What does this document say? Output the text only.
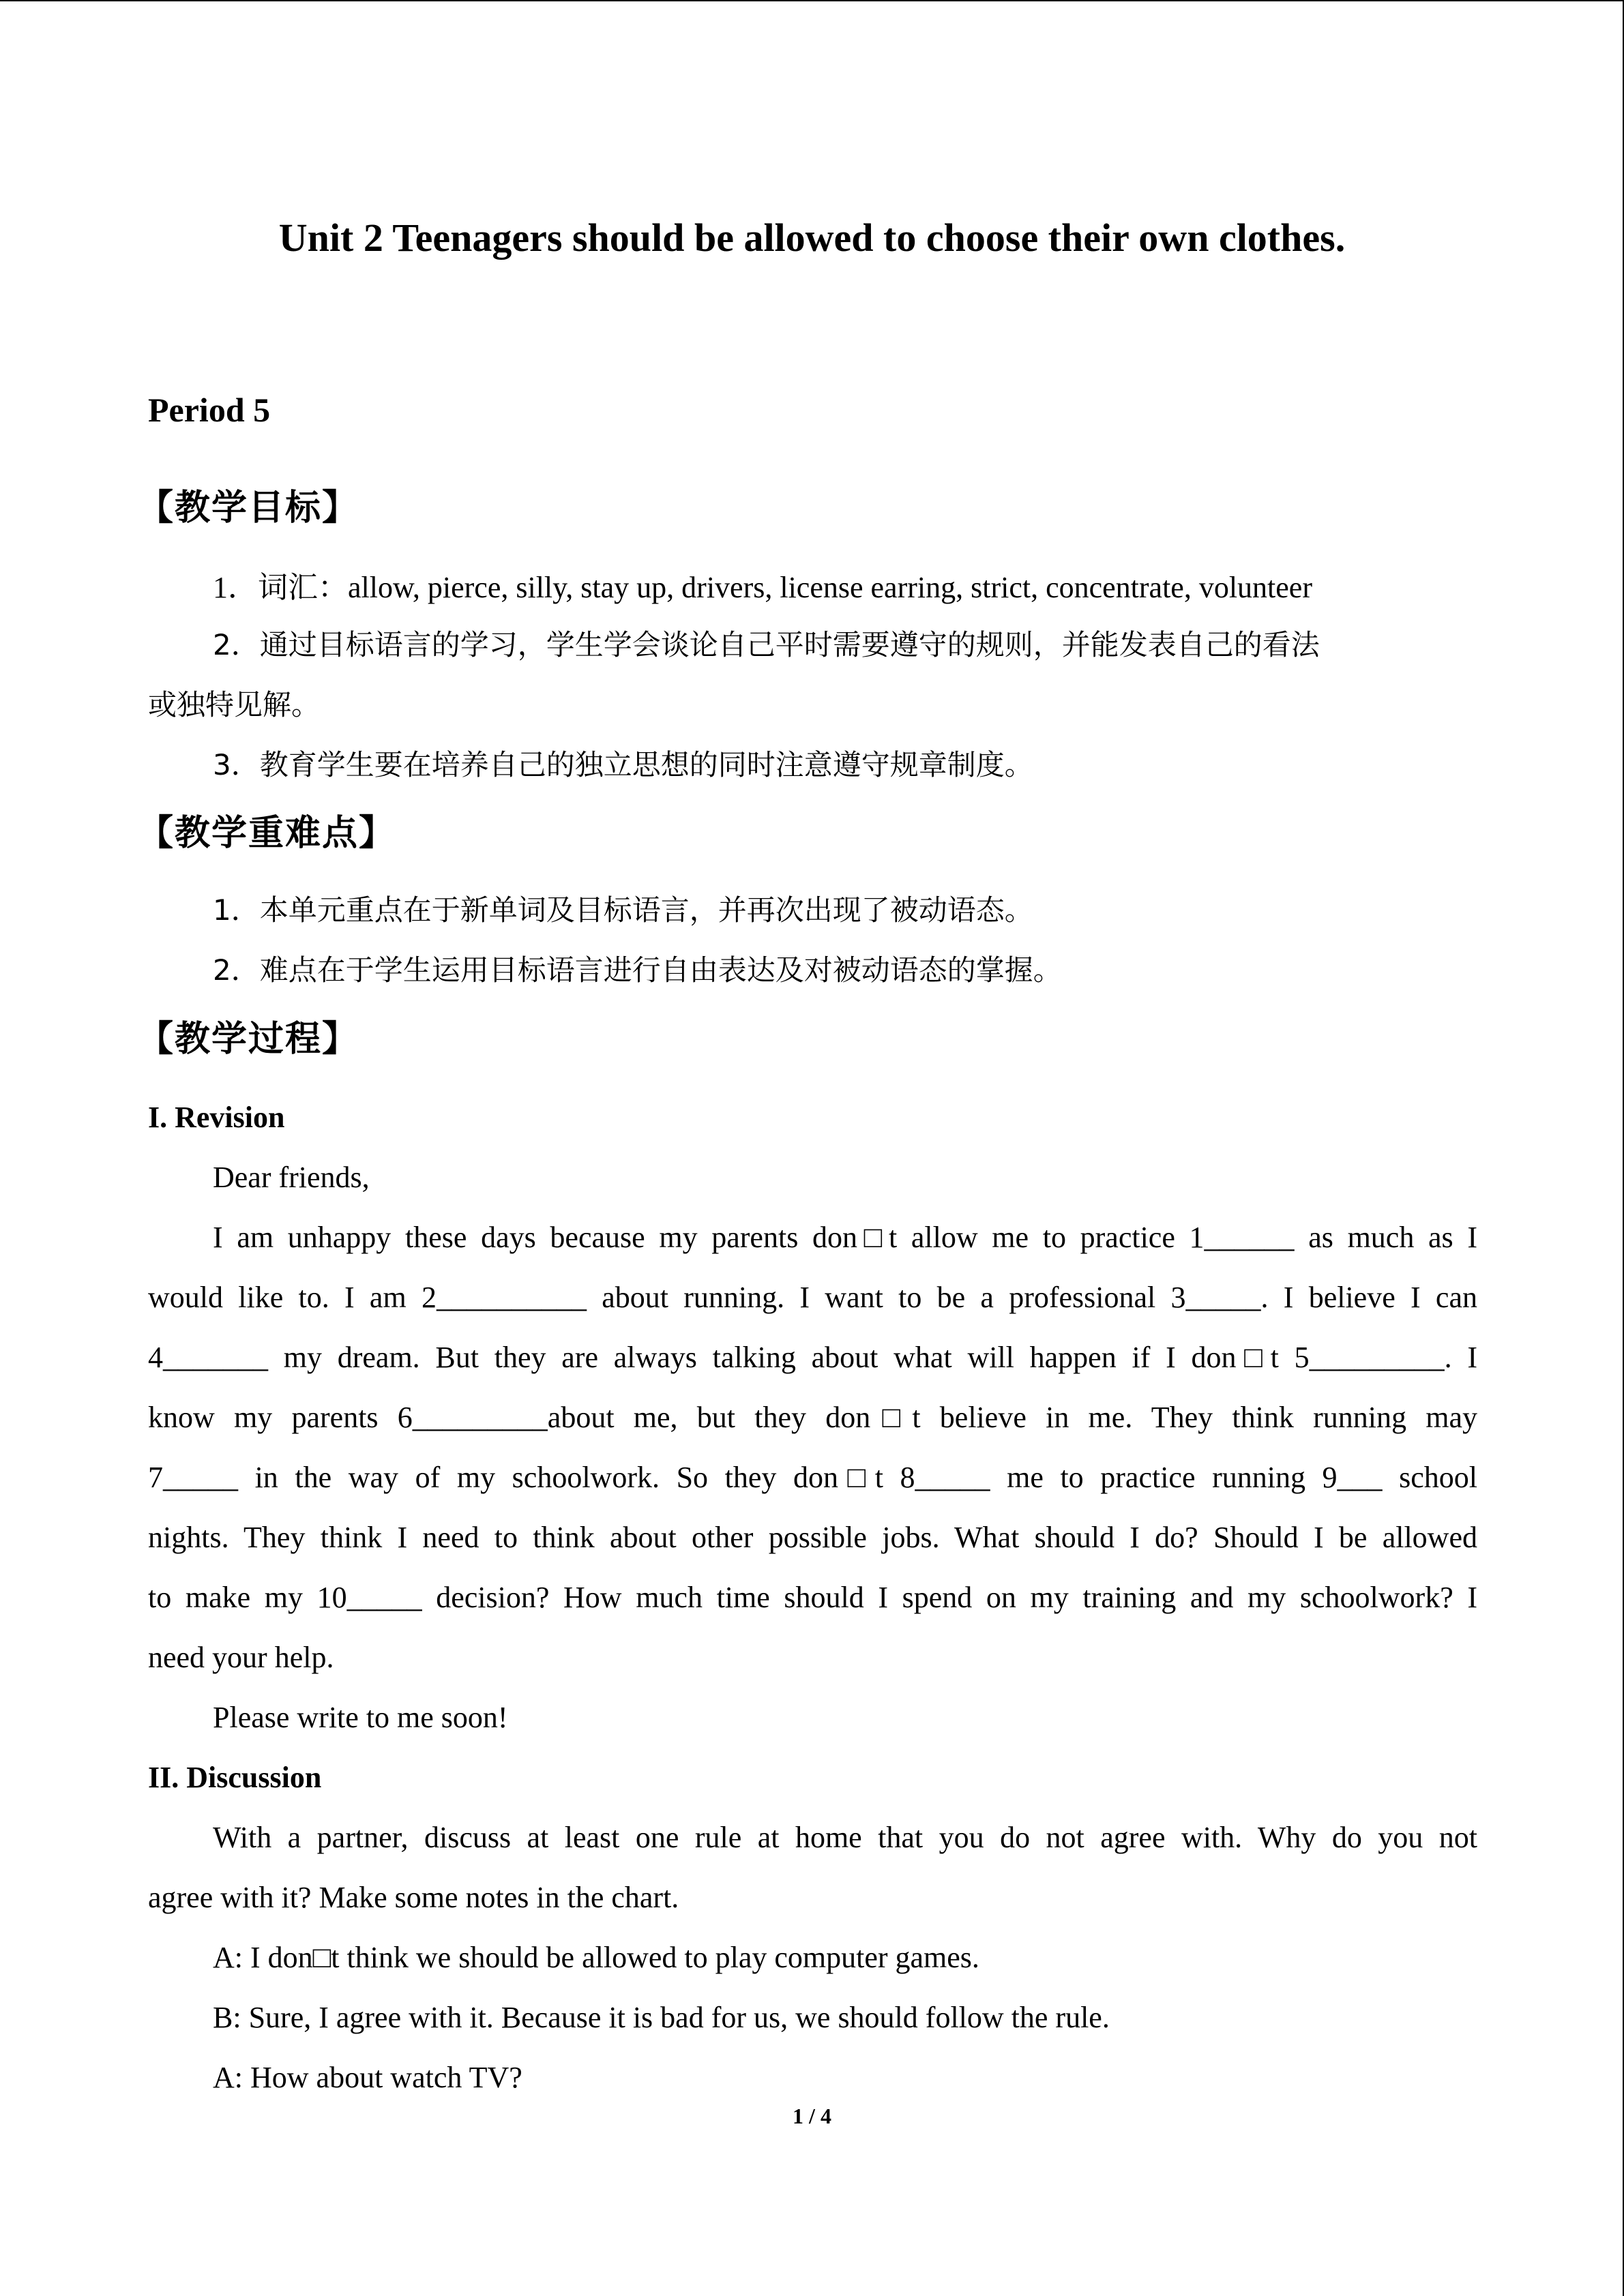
Unit 2 Teenagers should be allowed to choose their own clothes.
Period 5
【教学目标】
1．词汇：allow, pierce, silly, stay up, drivers, license earring, strict, concentrate, volunteer
2．通过目标语言的学习，学生学会谈论自己平时需要遵守的规则，并能发表自己的看法
或独特见解。
3．教育学生要在培养自己的独立思想的同时注意遵守规章制度。
【教学重难点】
1．本单元重点在于新单词及目标语言，并再次出现了被动语态。
2．难点在于学生运用目标语言进行自由表达及对被动语态的掌握。
【教学过程】
I. Revision
Dear friends,
I am unhappy these days because my parents don□t allow me to practice 1______ as much as I
would like to. I am 2__________ about running. I want to be a professional 3_____. I believe I can
4_______ my dream. But they are always talking about what will happen if I don□t 5_________. I
know my parents 6_________about me, but they don□t believe in me. They think running may
7_____ in the way of my schoolwork. So they don□t 8_____ me to practice running 9___ school
nights. They think I need to think about other possible jobs. What should I do? Should I be allowed
to make my 10_____ decision? How much time should I spend on my training and my schoolwork? I
need your help.
Please write to me soon!
II. Discussion
With a partner, discuss at least one rule at home that you do not agree with. Why do you not
agree with it? Make some notes in the chart.
A: I don□t think we should be allowed to play computer games.
B: Sure, I agree with it. Because it is bad for us, we should follow the rule.
A: How about watch TV?
1 / 4
